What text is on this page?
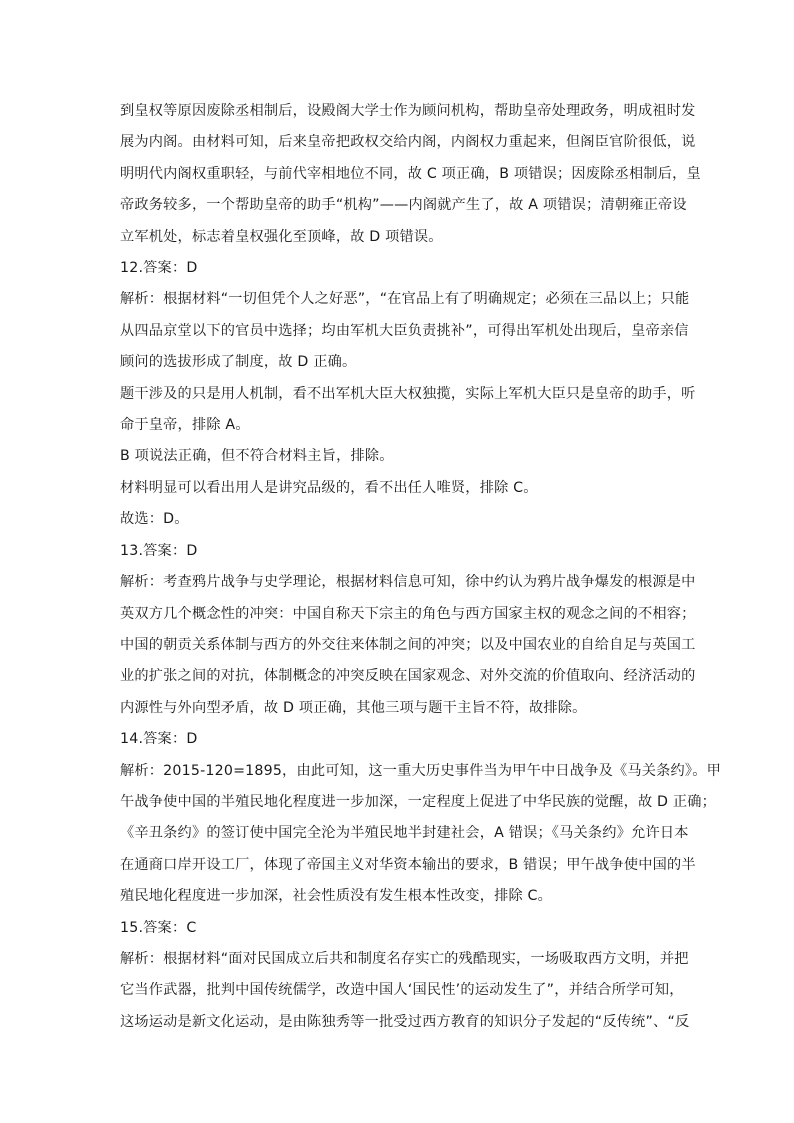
到皇权等原因废除丞相制后，设殿阁大学士作为顾问机构，帮助皇帝处理政务，明成祖时发
展为内阁。由材料可知，后来皇帝把政权交给内阁，内阁权力重起来，但阁臣官阶很低，说
明明代内阁权重职轻，与前代宰相地位不同，故 C 项正确，B 项错误；因废除丞相制后，皇
帝政务较多，一个帮助皇帝的助手“机构”——内阁就产生了，故 A 项错误；清朝雍正帝设
立军机处，标志着皇权强化至顶峰，故 D 项错误。
12.答案：D
解析：根据材料“一切但凭个人之好恶”，“在官品上有了明确规定；必须在三品以上；只能
从四品京堂以下的官员中选择；均由军机大臣负责挑补”，可得出军机处出现后，皇帝亲信
顾问的选拔形成了制度，故 D 正确。
题干涉及的只是用人机制，看不出军机大臣大权独揽，实际上军机大臣只是皇帝的助手，听
命于皇帝，排除 A。
B 项说法正确，但不符合材料主旨，排除。
材料明显可以看出用人是讲究品级的，看不出任人唯贤，排除 C。
故选：D。
13.答案：D
解析：考查鸦片战争与史学理论，根据材料信息可知，徐中约认为鸦片战争爆发的根源是中
英双方几个概念性的冲突：中国自称天下宗主的角色与西方国家主权的观念之间的不相容；
中国的朝贡关系体制与西方的外交往来体制之间的冲突；以及中国农业的自给自足与英国工
业的扩张之间的对抗，体制概念的冲突反映在国家观念、对外交流的价值取向、经济活动的
内源性与外向型矛盾，故 D 项正确，其他三项与题干主旨不符，故排除。
14.答案：D
解析：2015-120=1895，由此可知，这一重大历史事件当为甲午中日战争及《马关条约》。甲
午战争使中国的半殖民地化程度进一步加深，一定程度上促进了中华民族的觉醒，故 D 正确；
《辛丑条约》的签订使中国完全沦为半殖民地半封建社会，A 错误；《马关条约》允许日本
在通商口岸开设工厂，体现了帝国主义对华资本输出的要求，B 错误；甲午战争使中国的半
殖民地化程度进一步加深，社会性质没有发生根本性改变，排除 C。
15.答案：C
解析：根据材料“面对民国成立后共和制度名存实亡的残酷现实，一场吸取西方文明，并把
它当作武器，批判中国传统儒学，改造中国人‘国民性’的运动发生了”，并结合所学可知，
这场运动是新文化运动，是由陈独秀等一批受过西方教育的知识分子发起的“反传统”、“反
